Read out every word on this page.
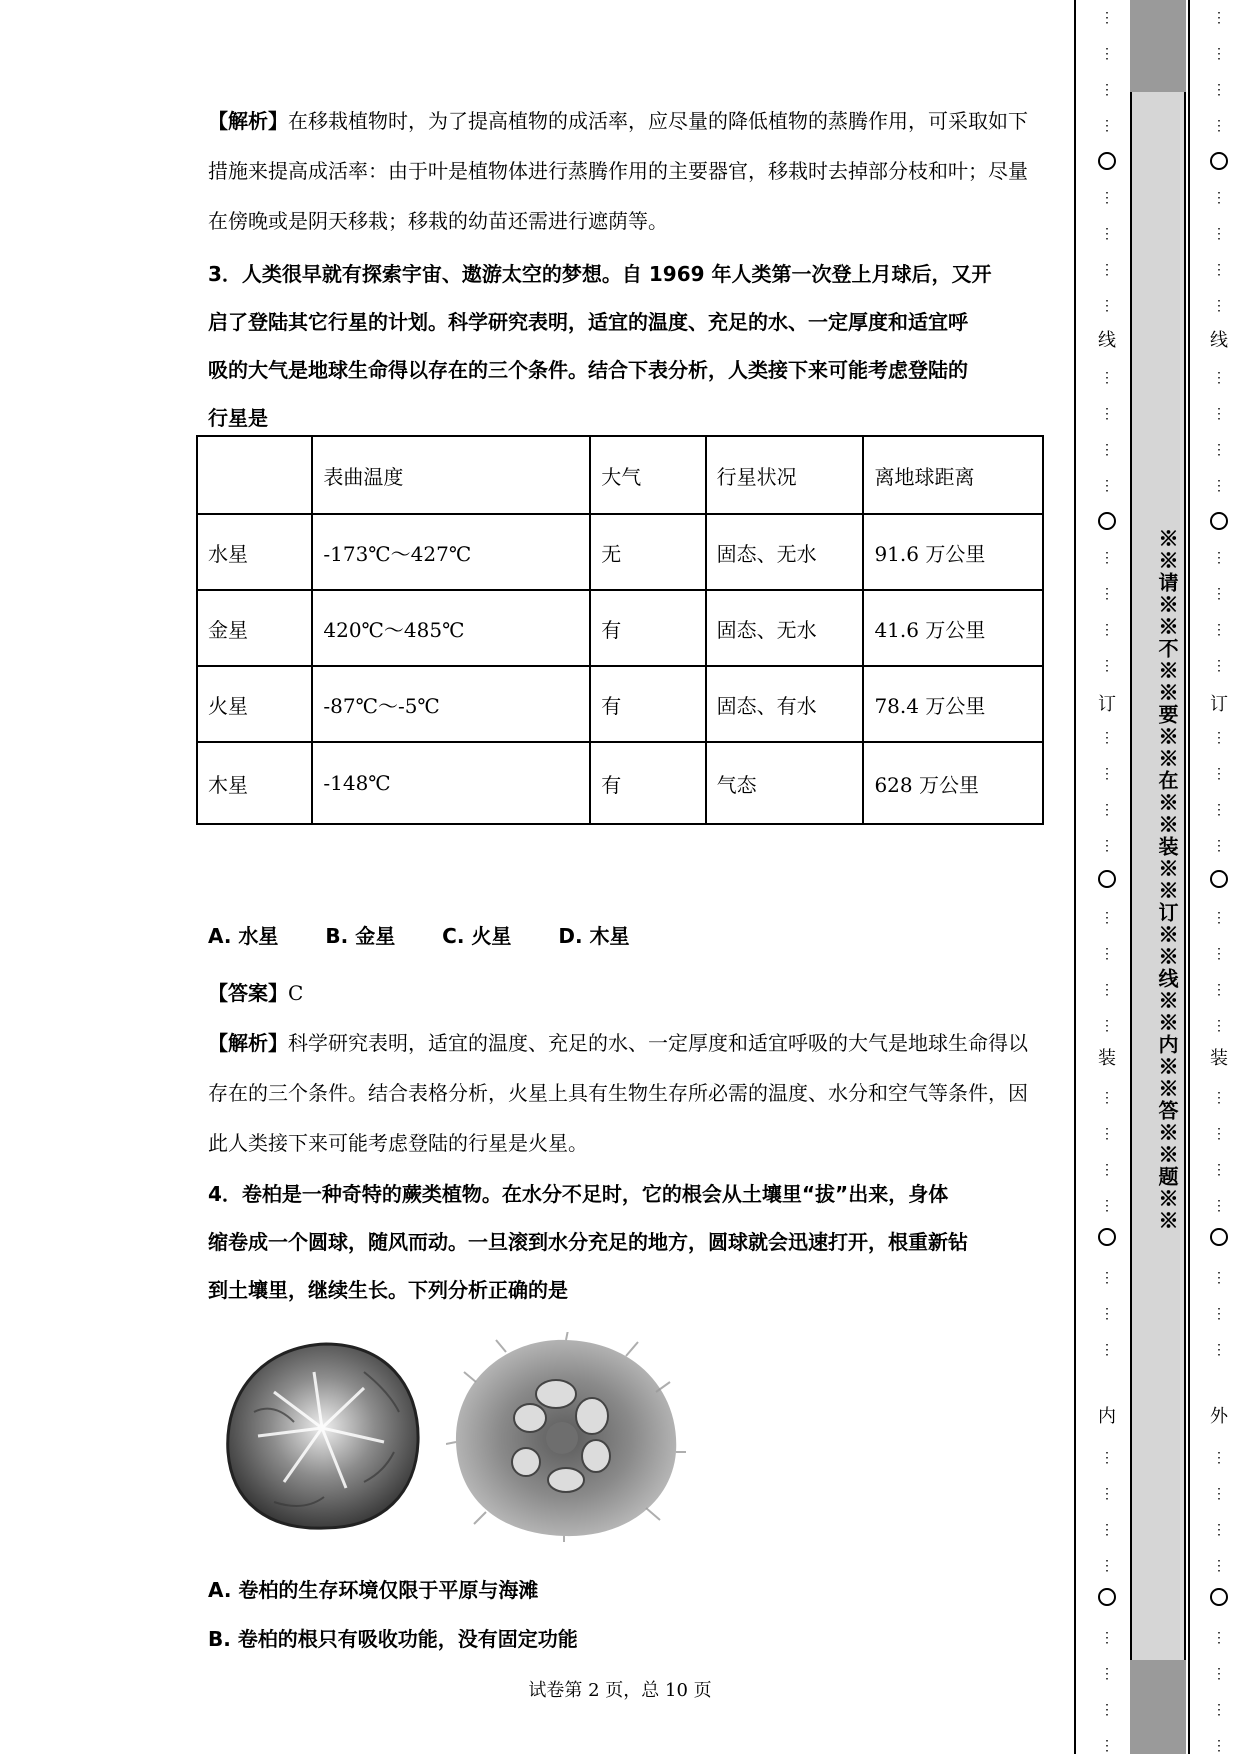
【解析】在移栽植物时，为了提高植物的成活率，应尽量的降低植物的蒸腾作用，可采取如下措施来提高成活率：由于叶是植物体进行蒸腾作用的主要器官，移栽时去掉部分枝和叶；尽量在傍晚或是阴天移栽；移栽的幼苗还需进行遮荫等。

3．人类很早就有探索宇宙、遨游太空的梦想。自 1969 年人类第一次登上月球后，又开

启了登陆其它行星的计划。科学研究表明，适宜的温度、充足的水、一定厚度和适宜呼

吸的大气是地球生命得以存在的三个条件。结合下表分析，人类接下来可能考虑登陆的

行星是

	表曲温度	大气	行星状况	离地球距离
水星	-173℃～427℃	无	固态、无水	91.6 万公里
金星	420℃～485℃	有	固态、无水	41.6 万公里
火星	-87℃～-5℃	有	固态、有水	78.4 万公里
木星	-148℃	有	气态	628 万公里
A. 水星 B. 金星 C. 火星 D. 木星

【答案】C

【解析】科学研究表明，适宜的温度、充足的水、一定厚度和适宜呼吸的大气是地球生命得以存在的三个条件。结合表格分析，火星上具有生物生存所必需的温度、水分和空气等条件，因此人类接下来可能考虑登陆的行星是火星。

4．卷柏是一种奇特的蕨类植物。在水分不足时，它的根会从土壤里“拔”出来，身体

缩卷成一个圆球，随风而动。一旦滚到水分充足的地方，圆球就会迅速打开，根重新钻

到土壤里，继续生长。下列分析正确的是

A. 卷柏的生存环境仅限于平原与海滩
B. 卷柏的根只有吸收功能，没有固定功能
试卷第 2 页，总 10 页
※※请※※不※※要※※在※※装※※订※※线※※内※※答※※题※※
⋮
⋮
⋮
⋮
⋮
⋮
⋮
⋮
⋮
⋮
⋮
⋮
⋮
⋮
⋮
⋮
⋮
⋮
⋮
⋮
⋮
⋮
⋮
⋮
⋮
⋮
⋮
⋮
⋮
⋮
⋮
⋮
⋮
⋮
⋮
⋮
⋮
⋮
⋮
⋮
⋮
⋮
⋮
⋮
⋮
⋮
⋮
⋮
⋮
⋮
⋮
⋮
⋮
⋮
⋮
⋮
⋮
⋮
⋮
⋮
⋮
⋮
⋮
⋮
⋮
⋮
⋮
⋮
⋮
⋮
⋮
⋮
⋮
⋮
⋮
⋮
⋮
⋮
线
订
装
内
线
订
装
外
